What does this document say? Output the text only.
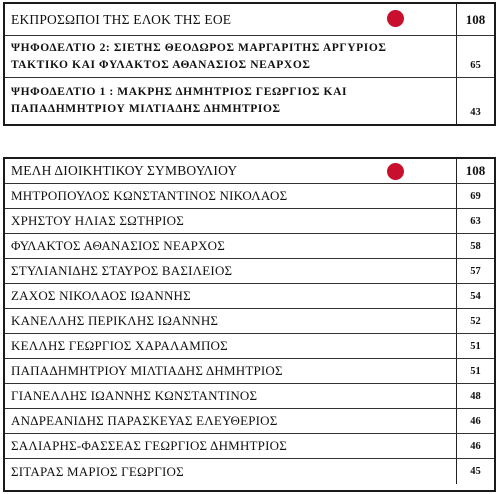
ΕΚΠΡΟΣΩΠΟΙ ΤΗΣ ΕΛΟΚ ΤΗΣ ΕΟΕ	108
ΨΗΦΟΔΕΛΤΙΟ 2: ΣΙΕΤΗΣ ΘΕΟΔΩΡΟΣ ΜΑΡΓΑΡΙΤΗΣ ΑΡΓΥΡΙΟΣ
ΤΑΚΤΙΚΟ ΚΑΙ ΦΥΛΑΚΤΟΣ ΑΘΑΝΑΣΙΟΣ ΝΕΑΡΧΟΣ	65
ΨΗΦΟΔΕΛΤΙΟ 1 : ΜΑΚΡΗΣ ΔΗΜΗΤΡΙΟΣ ΓΕΩΡΓΙΟΣ ΚΑΙ
ΠΑΠΑΔΗΜΗΤΡΙΟΥ ΜΙΛΤΙΑΔΗΣ ΔΗΜΗΤΡΙΟΣ	43
ΜΕΛΗ ΔΙΟΙΚΗΤΙΚΟΥ ΣΥΜΒΟΥΛΙΟΥ	108
ΜΗΤΡΟΠΟΥΛΟΣ ΚΩΝΣΤΑΝΤΙΝΟΣ ΝΙΚΟΛΑΟΣ	69
ΧΡΗΣΤΟΥ ΗΛΙΑΣ ΣΩΤΗΡΙΟΣ	63
ΦΥΛΑΚΤΟΣ ΑΘΑΝΑΣΙΟΣ ΝΕΑΡΧΟΣ	58
ΣΤΥΛΙΑΝΙΔΗΣ ΣΤΑΥΡΟΣ ΒΑΣΙΛΕΙΟΣ	57
ΖΑΧΟΣ ΝΙΚΟΛΑΟΣ ΙΩΑΝΝΗΣ	54
ΚΑΝΕΛΛΗΣ ΠΕΡΙΚΛΗΣ ΙΩΑΝΝΗΣ	52
ΚΕΛΛΗΣ ΓΕΩΡΓΙΟΣ ΧΑΡΑΛΑΜΠΟΣ	51
ΠΑΠΑΔΗΜΗΤΡΙΟΥ ΜΙΛΤΙΑΔΗΣ ΔΗΜΗΤΡΙΟΣ	51
ΓΙΑΝΕΛΛΗΣ ΙΩΑΝΝΗΣ ΚΩΝΣΤΑΝΤΙΝΟΣ	48
ΑΝΔΡΕΑΝΙΔΗΣ ΠΑΡΑΣΚΕΥΑΣ ΕΛΕΥΘΕΡΙΟΣ	46
ΣΑΛΙΑΡΗΣ-ΦΑΣΣΕΑΣ ΓΕΩΡΓΙΟΣ ΔΗΜΗΤΡΙΟΣ	46
ΣΙΤΑΡΑΣ ΜΑΡΙΟΣ ΓΕΩΡΓΙΟΣ	45
